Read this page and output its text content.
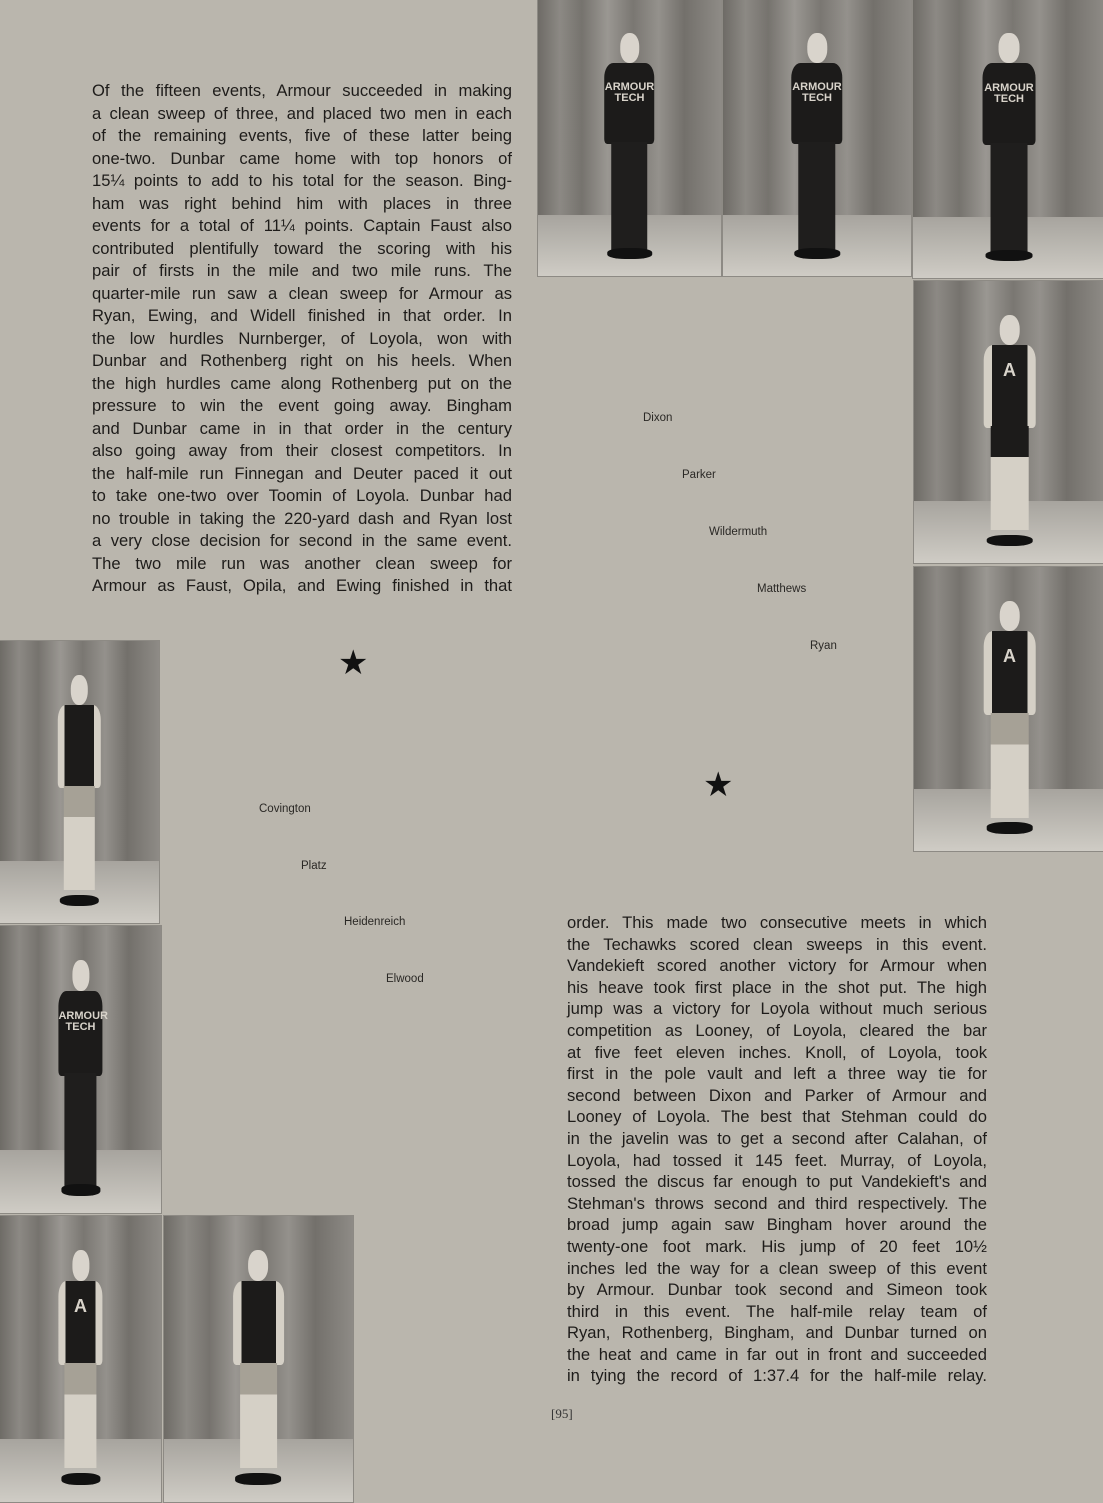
Of the fifteen events, Armour succeeded in making
a clean sweep of three, and placed two men in each
of the remaining events, five of these latter being
one-two. Dunbar came home with top honors of
15¼ points to add to his total for the season. Bing-
ham was right behind him with places in three
events for a total of 11¼ points. Captain Faust also
contributed plentifully toward the scoring with his
pair of firsts in the mile and two mile runs. The
quarter-mile run saw a clean sweep for Armour as
Ryan, Ewing, and Widell finished in that order. In
the low hurdles Nurnberger, of Loyola, won with
Dunbar and Rothenberg right on his heels. When
the high hurdles came along Rothenberg put on the
pressure to win the event going away. Bingham
and Dunbar came in in that order in the century
also going away from their closest competitors. In
the half-mile run Finnegan and Deuter paced it out
to take one-two over Toomin of Loyola. Dunbar had
no trouble in taking the 220-yard dash and Ryan lost
a very close decision for second in the same event.
The two mile run was another clean sweep for
Armour as Faust, Opila, and Ewing finished in that
order. This made two consecutive meets in which
the Techawks scored clean sweeps in this event.
Vandekieft scored another victory for Armour when
his heave took first place in the shot put. The high
jump was a victory for Loyola without much serious
competition as Looney, of Loyola, cleared the bar
at five feet eleven inches. Knoll, of Loyola, took
first in the pole vault and left a three way tie for
second between Dixon and Parker of Armour and
Looney of Loyola. The best that Stehman could do
in the javelin was to get a second after Calahan, of
Loyola, had tossed it 145 feet. Murray, of Loyola,
tossed the discus far enough to put Vandekieft's and
Stehman's throws second and third respectively. The
broad jump again saw Bingham hover around the
twenty-one foot mark. His jump of 20 feet 10½
inches led the way for a clean sweep of this event
by Armour. Dunbar took second and Simeon took
third in this event. The half-mile relay team of
Ryan, Rothenberg, Bingham, and Dunbar turned on
the heat and came in far out in front and succeeded
in tying the record of 1:37.4 for the half-mile relay.
ARMOUR TECH
ARMOUR TECH
ARMOUR TECH
A
A
ARMOUR TECH
A
Dixon
Parker
Wildermuth
Matthews
Ryan
Covington
Platz
Heidenreich
Elwood
★
★
[95]
